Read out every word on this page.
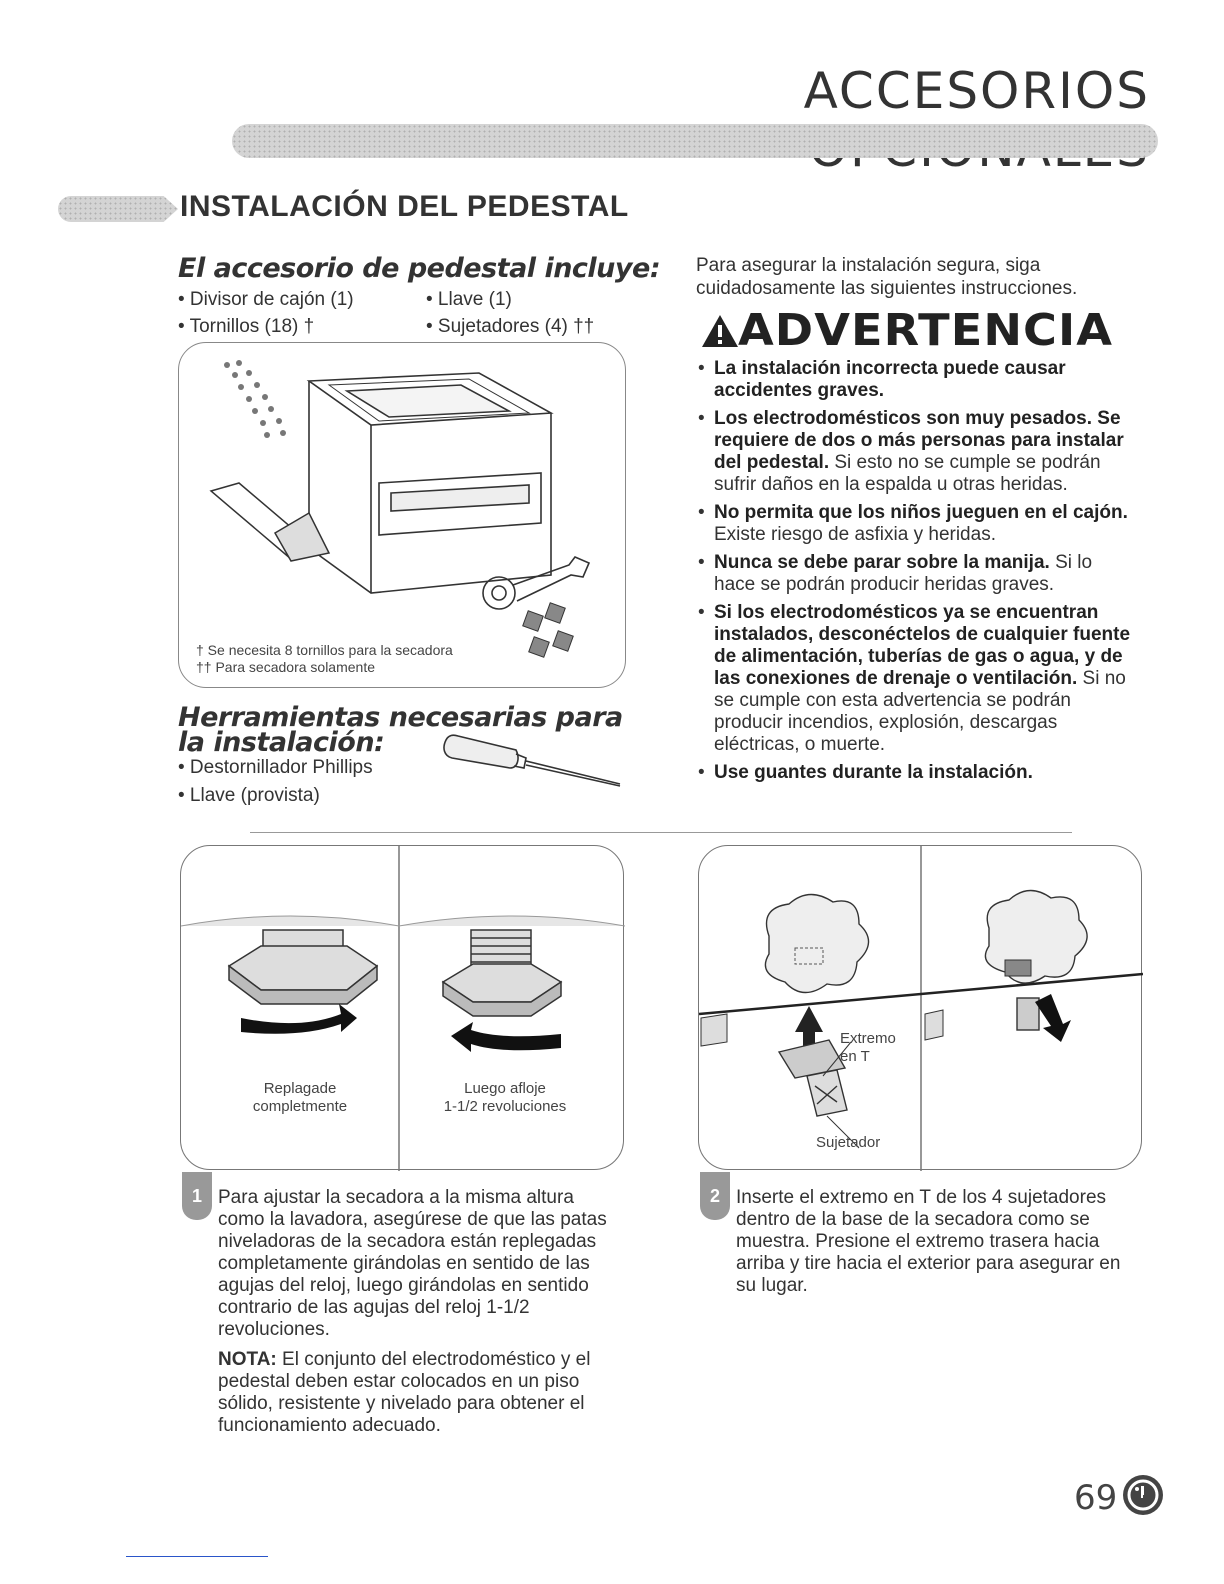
ACCESORIOS
INSTALACIÓN DEL PEDESTAL
El accesorio de pedestal incluye:
• Divisor de cajón (1)	• Llave (1)
• Tornillos (18) †	• Sujetadores (4) ††
† Se necesita 8 tornillos para la secadora
†† Para secadora solamente
Herramientas necesarias para
la instalación:
• Destornillador Phillips
• Llave (provista)
Para asegurar la instalación segura, siga cuidadosamente las siguientes instrucciones.
ADVERTENCIA
• La instalación incorrecta puede causar accidentes graves.
• Los electrodomésticos son muy pesados. Se requiere de dos o más personas para instalar del pedestal. Si esto no se cumple se podrán sufrir daños en la espalda u otras heridas.
• No permita que los niños jueguen en el cajón. Existe riesgo de asfixia y heridas.
• Nunca se debe parar sobre la manija. Si lo hace se podrán producir heridas graves.
• Si los electrodomésticos ya se encuentran instalados, desconéctelos de cualquier fuente de alimentación, tuberías de gas o agua, y de las conexiones de drenaje o ventilación. Si no se cumple con esta advertencia se podrán producir incendios, explosión, descargas eléctricas, o muerte.
• Use guantes durante la instalación.
Replagade
completmente
Luego afloje
1-1/2 revoluciones
1 Para ajustar la secadora a la misma altura como la lavadora, asegúrese de que las patas niveladoras de la secadora están replegadas completamente girándolas en sentido de las agujas del reloj, luego girándolas en sentido contrario de las agujas del reloj 1-1/2 revoluciones.
NOTA: El conjunto del electrodoméstico y el pedestal deben estar colocados en un piso sólido, resistente y nivelado para obtener el funcionamiento adecuado.
Extremo
en T
Sujetador
2 Inserte el extremo en T de los 4 sujetadores dentro de la base de la secadora como se muestra. Presione el extremo trasera hacia arriba y tire hacia el exterior para asegurar en su lugar.
69
